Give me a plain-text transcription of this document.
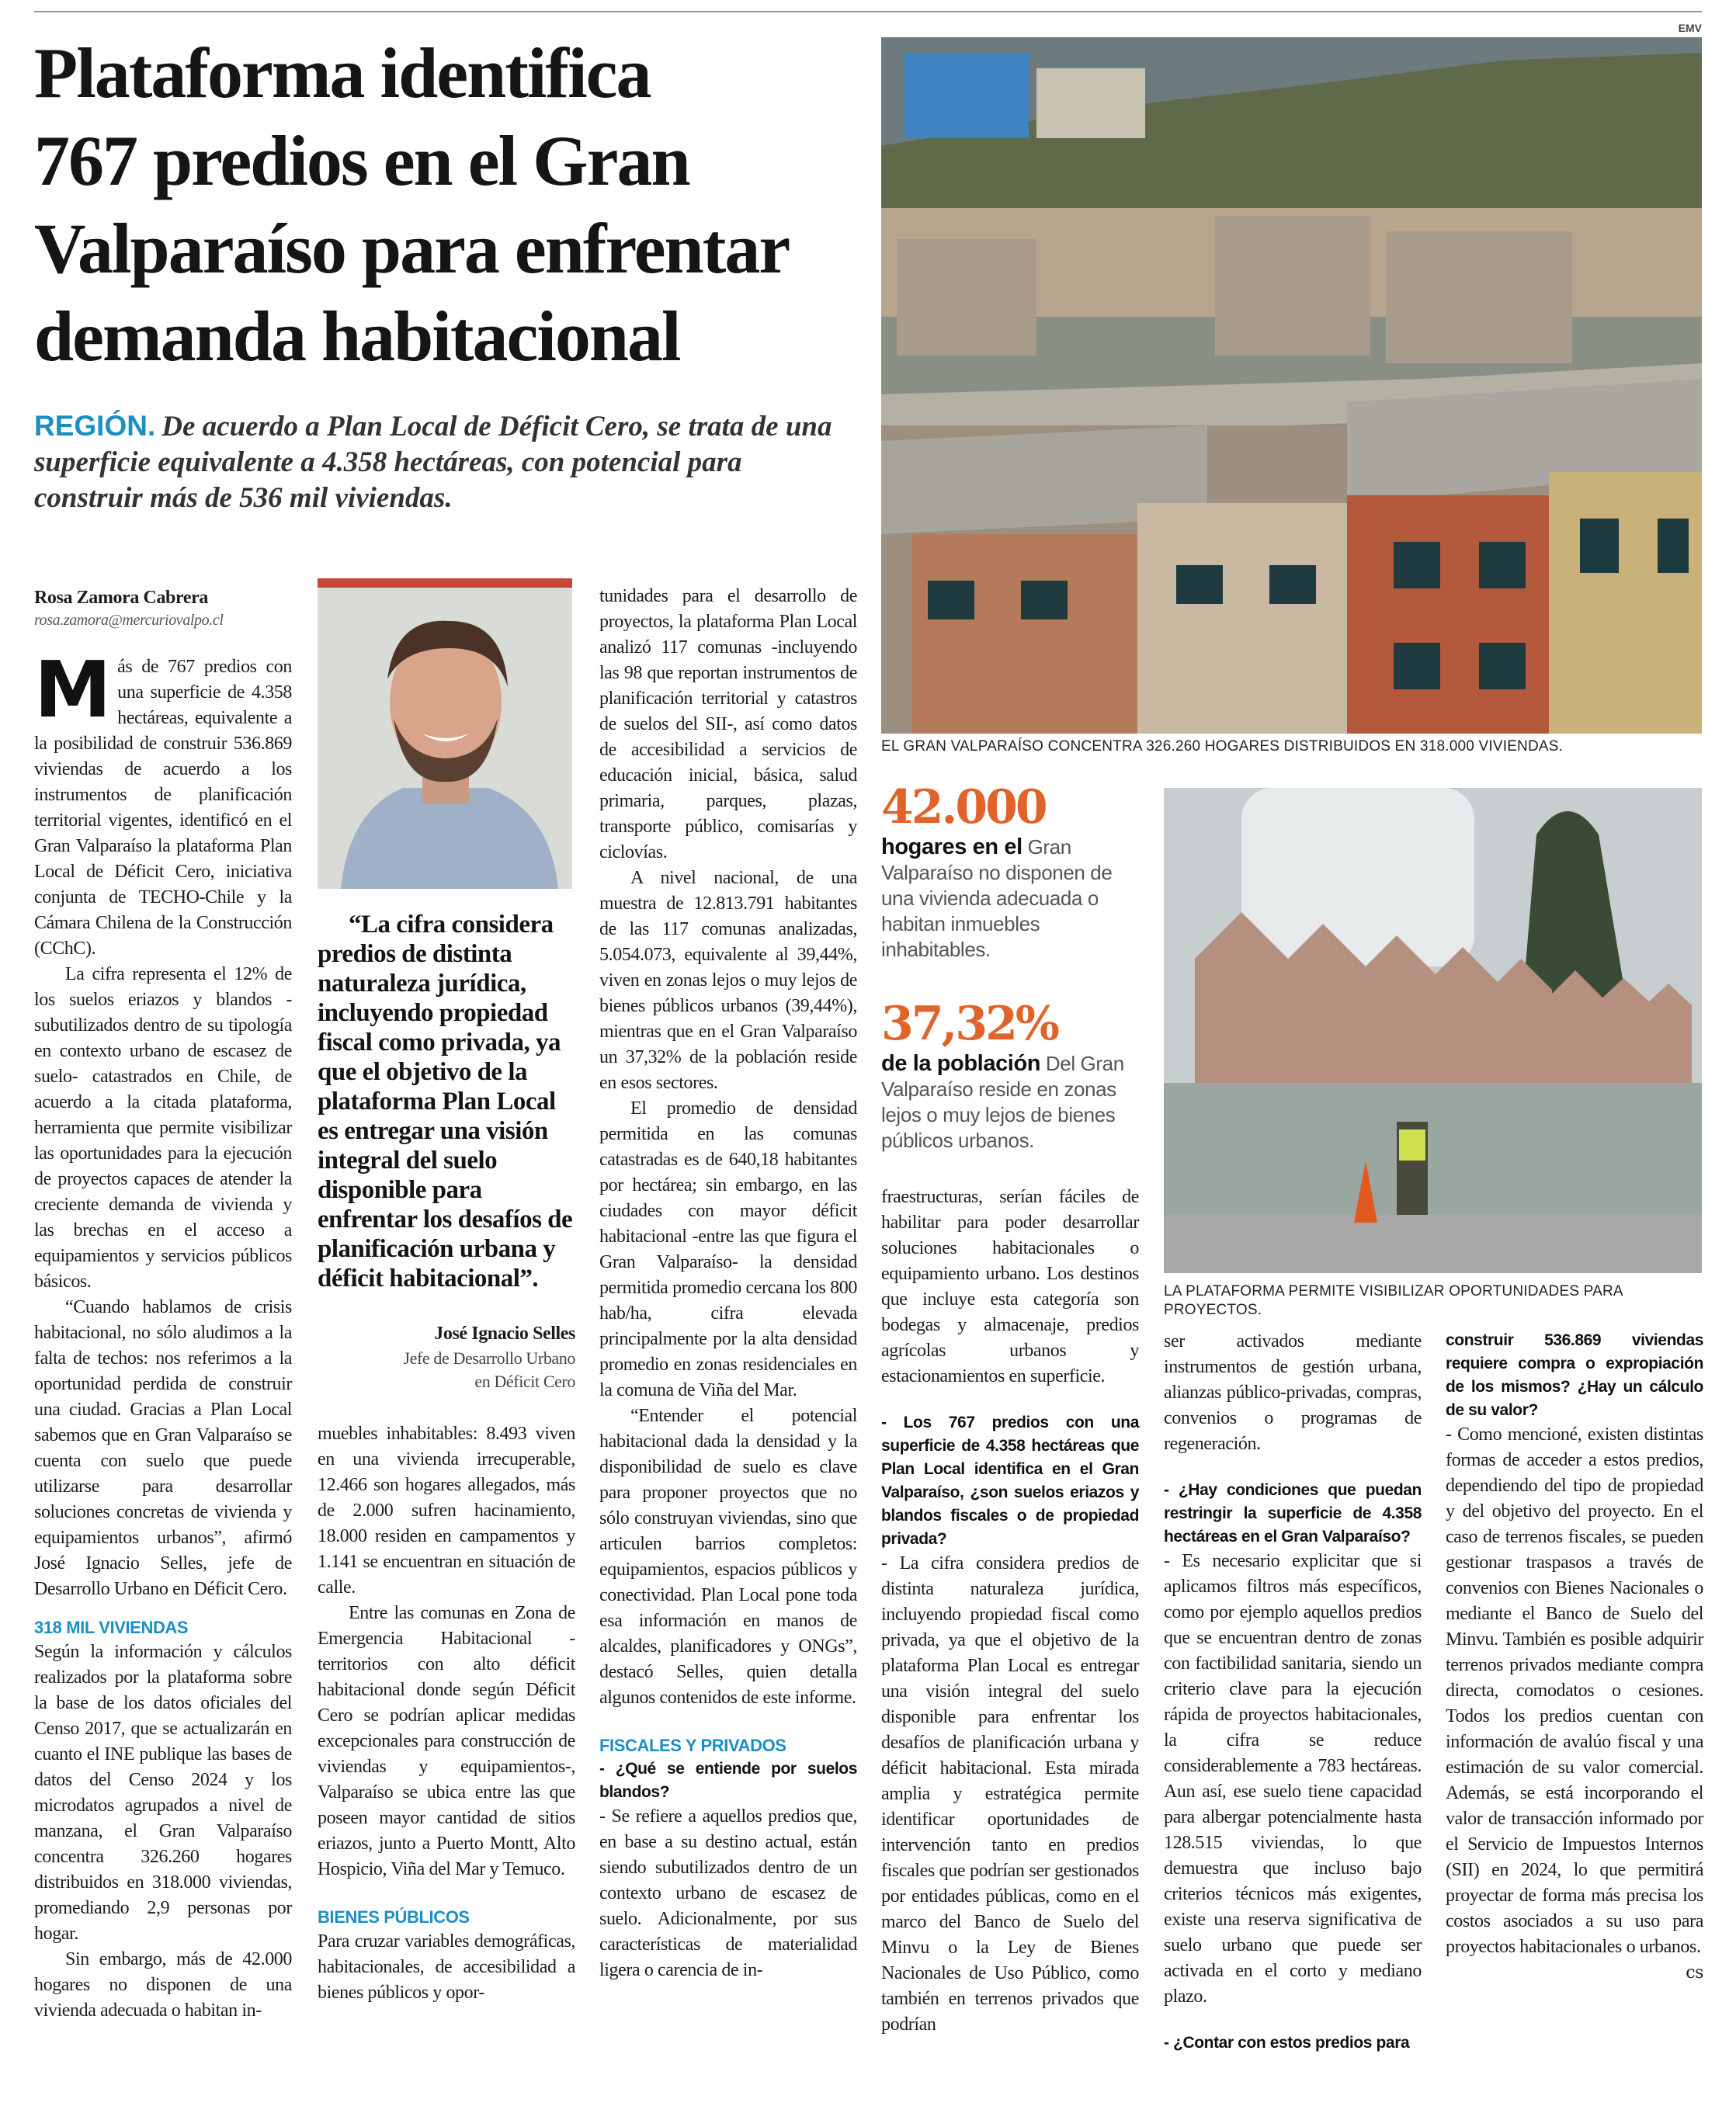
Plataforma identifica
767 predios en el Gran
Valparaíso para enfrentar
demanda habitacional

REGIÓN. De acuerdo a Plan Local de Déficit Cero, se trata de una superficie equivalente a 4.358 hectáreas, con potencial para construir más de 536 mil viviendas.

EMV
EL GRAN VALPARAÍSO CONCENTRA 326.260 HOGARES DISTRIBUIDOS EN 318.000 VIVIENDAS.
Rosa Zamora Cabrera
rosa.zamora@mercuriovalpo.cl

Más de 767 predios con una superficie de 4.358 hectáreas, equivalente a la posibilidad de construir 536.869 viviendas de acuerdo a los instrumentos de planificación territorial vigentes, identificó en el Gran Valparaíso la plataforma Plan Local de Déficit Cero, iniciativa conjunta de TECHO-Chile y la Cámara Chilena de la Construcción (CChC).

La cifra representa el 12% de los suelos eriazos y blandos -subutilizados dentro de su tipología en contexto urbano de escasez de suelo- catastrados en Chile, de acuerdo a la citada plataforma, herramienta que permite visibilizar las oportunidades para la ejecución de proyectos capaces de atender la creciente demanda de vivienda y las brechas en el acceso a equipamientos y servicios públicos básicos.

“Cuando hablamos de crisis habitacional, no sólo aludimos a la falta de techos: nos referimos a la oportunidad perdida de construir una ciudad. Gracias a Plan Local sabemos que en Gran Valparaíso se cuenta con suelo que puede utilizarse para desarrollar soluciones concretas de vivienda y equipamientos urbanos”, afirmó José Ignacio Selles, jefe de Desarrollo Urbano en Déficit Cero.

318 MIL VIVIENDAS

Según la información y cálculos realizados por la plataforma sobre la base de los datos oficiales del Censo 2017, que se actualizarán en cuanto el INE publique las bases de datos del Censo 2024 y los microdatos agrupados a nivel de manzana, el Gran Valparaíso concentra 326.260 hogares distribuidos en 318.000 viviendas, promediando 2,9 personas por hogar.

Sin embargo, más de 42.000 hogares no disponen de una vivienda adecuada o habitan in-

“La cifra considera predios de distinta naturaleza jurídica, incluyendo propiedad fiscal como privada, ya que el objetivo de la plataforma Plan Local es entregar una visión integral del suelo disponible para enfrentar los desafíos de planificación urbana y déficit habitacional”.

José Ignacio Selles
Jefe de Desarrollo Urbano
en Déficit Cero

muebles inhabitables: 8.493 viven en una vivienda irrecuperable, 12.466 son hogares allegados, más de 2.000 sufren hacinamiento, 18.000 residen en campamentos y 1.141 se encuentran en situación de calle.

Entre las comunas en Zona de Emergencia Habitacional -territorios con alto déficit habitacional donde según Déficit Cero se podrían aplicar medidas excepcionales para construcción de viviendas y equipamientos-, Valparaíso se ubica entre las que poseen mayor cantidad de sitios eriazos, junto a Puerto Montt, Alto Hospicio, Viña del Mar y Temuco.

BIENES PÚBLICOS

Para cruzar variables demográficas, habitacionales, de accesibilidad a bienes públicos y opor-

tunidades para el desarrollo de proyectos, la plataforma Plan Local analizó 117 comunas -incluyendo las 98 que reportan instrumentos de planificación territorial y catastros de suelos del SII-, así como datos de accesibilidad a servicios de educación inicial, básica, salud primaria, parques, plazas, transporte público, comisarías y ciclovías.

A nivel nacional, de una muestra de 12.813.791 habitantes de las 117 comunas analizadas, 5.054.073, equivalente al 39,44%, viven en zonas lejos o muy lejos de bienes públicos urbanos (39,44%), mientras que en el Gran Valparaíso un 37,32% de la población reside en esos sectores.

El promedio de densidad permitida en las comunas catastradas es de 640,18 habitantes por hectárea; sin embargo, en las ciudades con mayor déficit habitacional -entre las que figura el Gran Valparaíso- la densidad permitida promedio cercana los 800 hab/ha, cifra elevada principalmente por la alta densidad promedio en zonas residenciales en la comuna de Viña del Mar.

“Entender el potencial habitacional dada la densidad y la disponibilidad de suelo es clave para proponer proyectos que no sólo construyan viviendas, sino que articulen barrios completos: equipamientos, espacios públicos y conectividad. Plan Local pone toda esa información en manos de alcaldes, planificadores y ONGs”, destacó Selles, quien detalla algunos contenidos de este informe.

FISCALES Y PRIVADOS
- ¿Qué se entiende por suelos blandos?

- Se refiere a aquellos predios que, en base a su destino actual, están siendo subutilizados dentro de un contexto urbano de escasez de suelo. Adicionalmente, por sus características de materialidad ligera o carencia de in-

42.000
hogares en el Gran Valparaíso no disponen de una vivienda adecuada o habitan inmuebles inhabitables.
37,32%
de la población Del Gran Valparaíso reside en zonas lejos o muy lejos de bienes públicos urbanos.

fraestructuras, serían fáciles de habilitar para poder desarrollar soluciones habitacionales o equipamiento urbano. Los destinos que incluye esta categoría son bodegas y almacenaje, predios agrícolas urbanos y estacionamientos en superficie.

- Los 767 predios con una superficie de 4.358 hectáreas que Plan Local identifica en el Gran Valparaíso, ¿son suelos eriazos y blandos fiscales o de propiedad privada?

- La cifra considera predios de distinta naturaleza jurídica, incluyendo propiedad fiscal como privada, ya que el objetivo de la plataforma Plan Local es entregar una visión integral del suelo disponible para enfrentar los desafíos de planificación urbana y déficit habitacional. Esta mirada amplia y estratégica permite identificar oportunidades de intervención tanto en predios fiscales que podrían ser gestionados por entidades públicas, como en el marco del Banco de Suelo del Minvu o la Ley de Bienes Nacionales de Uso Público, como también en terrenos privados que podrían

LA PLATAFORMA PERMITE VISIBILIZAR OPORTUNIDADES PARA PROYECTOS.

ser activados mediante instrumentos de gestión urbana, alianzas público-privadas, compras, convenios o programas de regeneración.

- ¿Hay condiciones que puedan restringir la superficie de 4.358 hectáreas en el Gran Valparaíso?

- Es necesario explicitar que si aplicamos filtros más específicos, como por ejemplo aquellos predios que se encuentran dentro de zonas con factibilidad sanitaria, siendo un criterio clave para la ejecución rápida de proyectos habitacionales, la cifra se reduce considerablemente a 783 hectáreas. Aun así, ese suelo tiene capacidad para albergar potencialmente hasta 128.515 viviendas, lo que demuestra que incluso bajo criterios técnicos más exigentes, existe una reserva significativa de suelo urbano que puede ser activada en el corto y mediano plazo.

- ¿Contar con estos predios para
construir 536.869 viviendas requiere compra o expropiación de los mismos? ¿Hay un cálculo de su valor?

- Como mencioné, existen distintas formas de acceder a estos predios, dependiendo del tipo de propiedad y del objetivo del proyecto. En el caso de terrenos fiscales, se pueden gestionar traspasos a través de convenios con Bienes Nacionales o mediante el Banco de Suelo del Minvu. También es posible adquirir terrenos privados mediante compra directa, comodatos o cesiones. Todos los predios cuentan con información de avalúo fiscal y una estimación de su valor comercial. Además, se está incorporando el valor de transacción informado por el Servicio de Impuestos Internos (SII) en 2024, lo que permitirá proyectar de forma más precisa los costos asociados a su uso para proyectos habitacionales o urbanos.
cs
